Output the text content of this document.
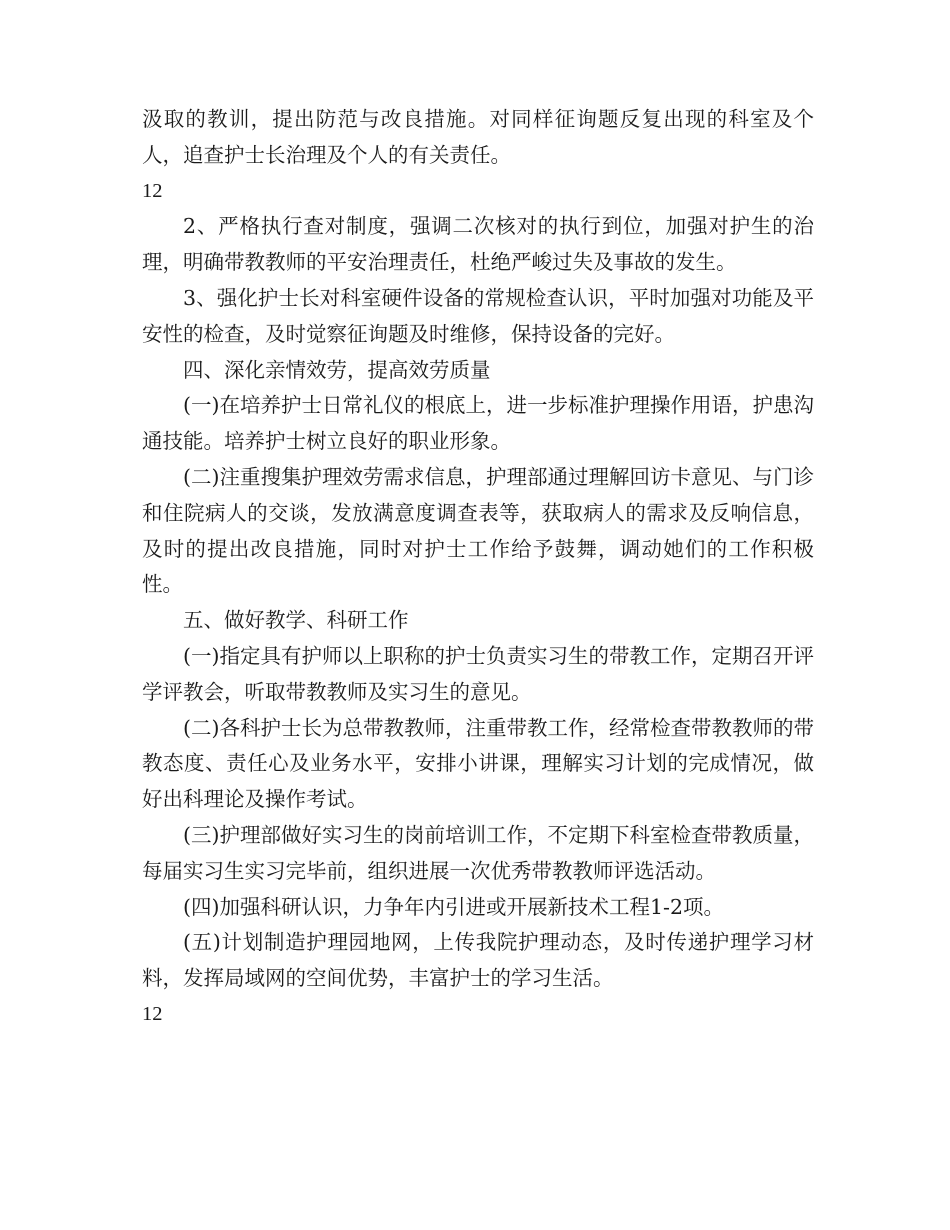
汲取的教训，提出防范与改良措施。对同样征询题反复出现的科室及个人，追查护士长治理及个人的有关责任。

12

2、严格执行查对制度，强调二次核对的执行到位，加强对护生的治理，明确带教教师的平安治理责任，杜绝严峻过失及事故的发生。

3、强化护士长对科室硬件设备的常规检查认识，平时加强对功能及平安性的检查，及时觉察征询题及时维修，保持设备的完好。

四、深化亲情效劳，提高效劳质量

(一)在培养护士日常礼仪的根底上，进一步标准护理操作用语，护患沟通技能。培养护士树立良好的职业形象。

(二)注重搜集护理效劳需求信息，护理部通过理解回访卡意见、与门诊和住院病人的交谈，发放满意度调查表等，获取病人的需求及反响信息，及时的提出改良措施，同时对护士工作给予鼓舞，调动她们的工作积极性。

五、做好教学、科研工作

(一)指定具有护师以上职称的护士负责实习生的带教工作，定期召开评学评教会，听取带教教师及实习生的意见。

(二)各科护士长为总带教教师，注重带教工作，经常检查带教教师的带教态度、责任心及业务水平，安排小讲课，理解实习计划的完成情况，做好出科理论及操作考试。

(三)护理部做好实习生的岗前培训工作，不定期下科室检查带教质量，每届实习生实习完毕前，组织进展一次优秀带教教师评选活动。

(四)加强科研认识，力争年内引进或开展新技术工程1-2项。

(五)计划制造护理园地网，上传我院护理动态，及时传递护理学习材料，发挥局域网的空间优势，丰富护士的学习生活。

12
